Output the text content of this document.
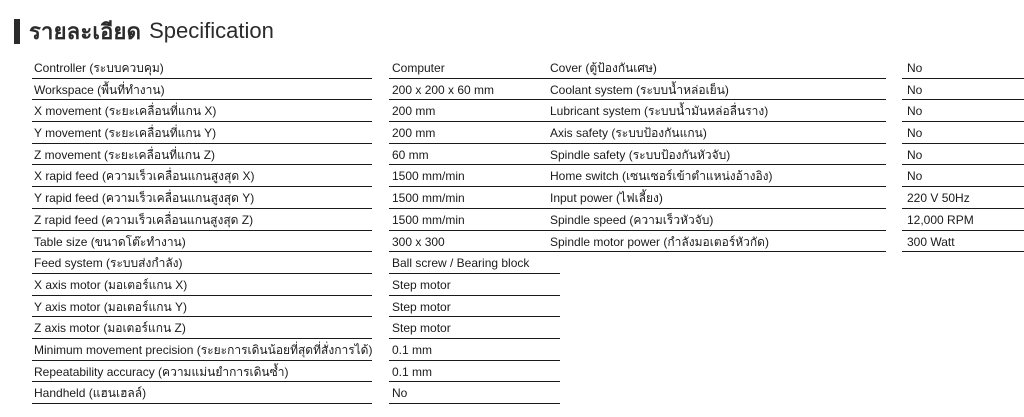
รายละเอียด Specification
Controller (ระบบควบคุม)	Computer
Workspace (พื้นที่ทำงาน)	200 x 200 x 60 mm
X movement (ระยะเคลื่อนที่แกน X)	200 mm
Y movement (ระยะเคลื่อนที่แกน Y)	200 mm
Z movement (ระยะเคลื่อนที่แกน Z)	60 mm
X rapid feed (ความเร็วเคลื่อนแกนสูงสุด X)	1500 mm/min
Y rapid feed (ความเร็วเคลื่อนแกนสูงสุด Y)	1500 mm/min
Z rapid feed (ความเร็วเคลื่อนแกนสูงสุด Z)	1500 mm/min
Table size (ขนาดโต๊ะทำงาน)	300 x 300
Feed system (ระบบส่งกำลัง)	Ball screw / Bearing block
X axis motor (มอเตอร์แกน X)	Step motor
Y axis motor (มอเตอร์แกน Y)	Step motor
Z axis motor (มอเตอร์แกน Z)	Step motor
Minimum movement precision (ระยะการเดินน้อยที่สุดที่สั่งการได้) 0.1 mm
Repeatability accuracy (ความแม่นยำการเดินซ้ำ)	0.1 mm
Handheld (แฮนเฮลล์)	No
Cover (ตู้ป้องกันเศษ)	No
Coolant system (ระบบน้ำหล่อเย็น)	No
Lubricant system (ระบบน้ำมันหล่อลื่นราง)	No
Axis safety (ระบบป้องกันแกน)	No
Spindle safety (ระบบป้องกันหัวจับ)	No
Home switch (เซนเซอร์เข้าตำแหน่งอ้างอิง)	No
Input power (ไฟเลี้ยง)	220 V 50Hz
Spindle speed (ความเร็วหัวจับ)	12,000 RPM
Spindle motor power (กำลังมอเตอร์หัวกัด)	300 Watt
